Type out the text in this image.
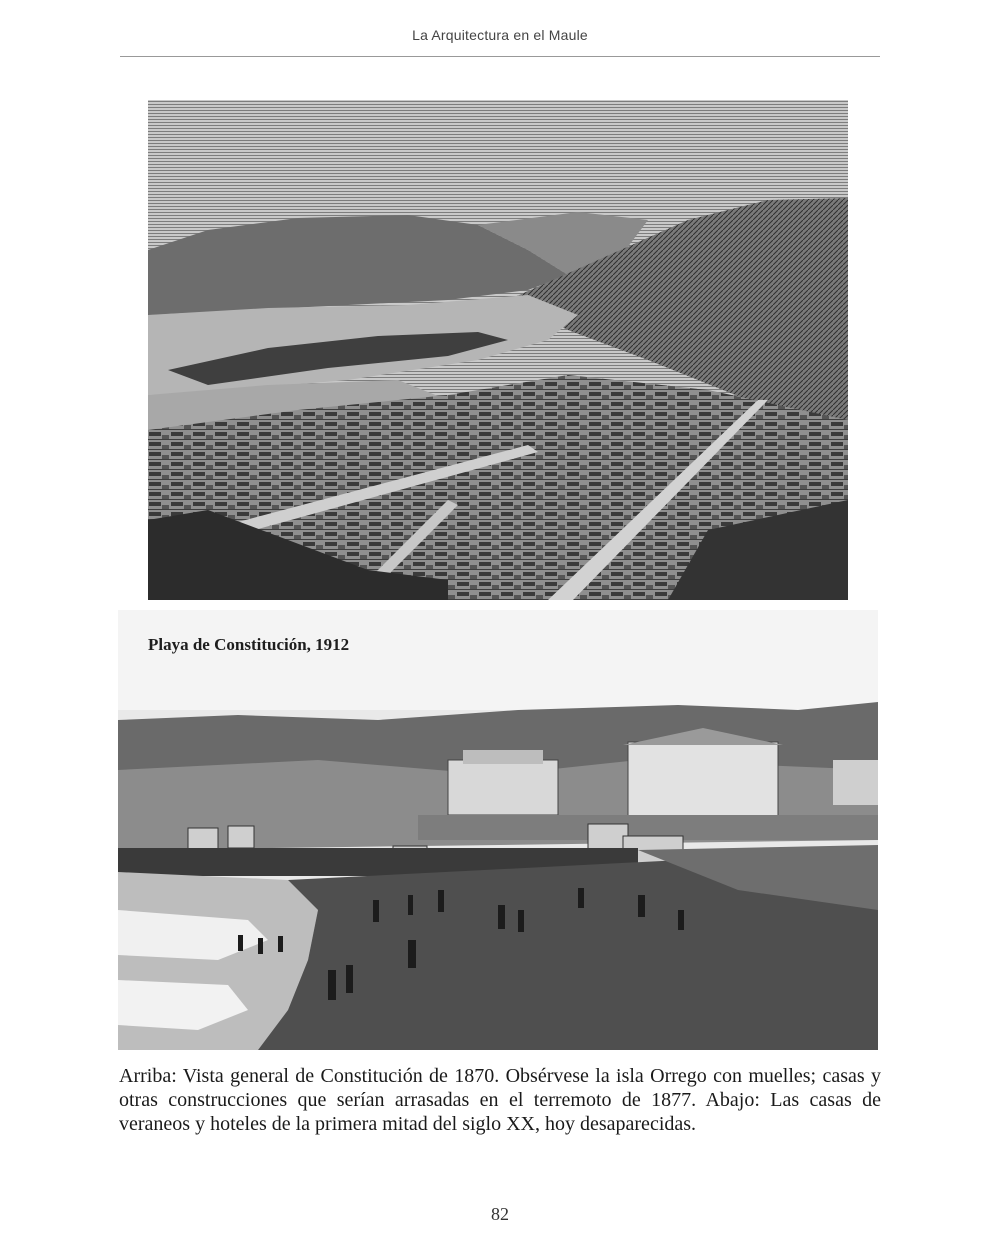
La Arquitectura en el Maule
Playa de Constitución, 1912
Arriba: Vista general de Constitución de 1870. Obsérvese la isla Orrego con muelles; casas y otras construcciones que serían arrasadas en el terremoto de 1877. Abajo: Las casas de veraneos y hoteles de la primera mitad del siglo XX, hoy desaparecidas.
82
